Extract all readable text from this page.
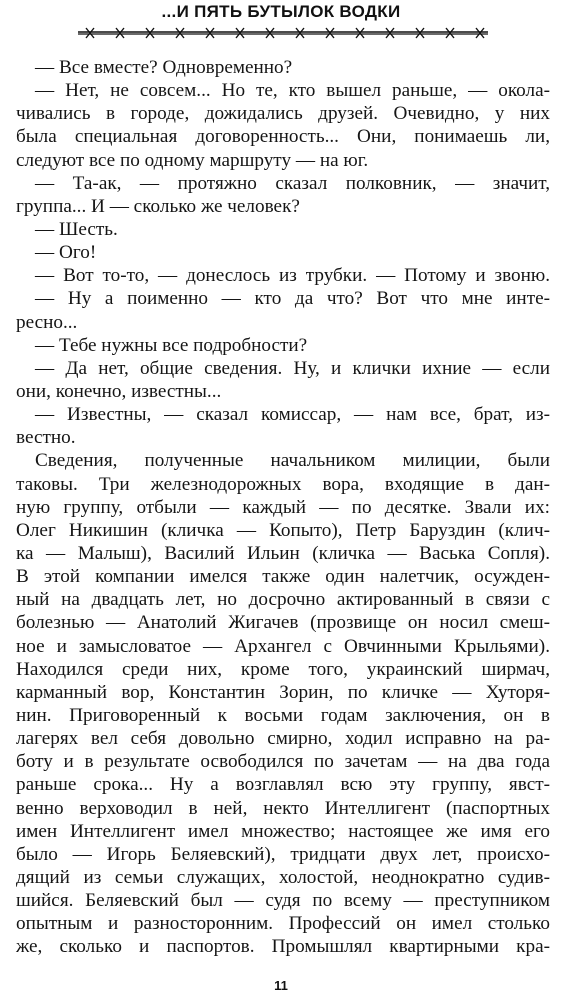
...И ПЯТЬ БУТЫЛОК ВОДКИ
— Все вместе? Одновременно?
— Нет, не совсем... Но те, кто вышел раньше, — окола-
чивались в городе, дожидались друзей. Очевидно, у них
была специальная договоренность... Они, понимаешь ли,
следуют все по одному маршруту — на юг.
— Та-ак, — протяжно сказал полковник, — значит,
группа... И — сколько же человек?
— Шесть.
— Ого!
— Вот то-то, — донеслось из трубки. — Потому и звоню.
— Ну а поименно — кто да что? Вот что мне инте-
ресно...
— Тебе нужны все подробности?
— Да нет, общие сведения. Ну, и клички ихние — если
они, конечно, известны...
— Известны, — сказал комиссар, — нам все, брат, из-
вестно.
Сведения, полученные начальником милиции, были
таковы. Три железнодорожных вора, входящие в дан-
ную группу, отбыли — каждый — по десятке. Звали их:
Олег Никишин (кличка — Копыто), Петр Баруздин (клич-
ка — Малыш), Василий Ильин (кличка — Васька Сопля).
В этой компании имелся также один налетчик, осужден-
ный на двадцать лет, но досрочно актированный в связи с
болезнью — Анатолий Жигачев (прозвище он носил смеш-
ное и замысловатое — Архангел с Овчинными Крыльями).
Находился среди них, кроме того, украинский ширмач,
карманный вор, Константин Зорин, по кличке — Хуторя-
нин. Приговоренный к восьми годам заключения, он в
лагерях вел себя довольно смирно, ходил исправно на ра-
боту и в результате освободился по зачетам — на два года
раньше срока... Ну а возглавлял всю эту группу, явст-
венно верховодил в ней, некто Интеллигент (паспортных
имен Интеллигент имел множество; настоящее же имя его
было — Игорь Беляевский), тридцати двух лет, происхо-
дящий из семьи служащих, холостой, неоднократно судив-
шийся. Беляевский был — судя по всему — преступником
опытным и разносторонним. Профессий он имел столько
же, сколько и паспортов. Промышлял квартирными кра-
11
